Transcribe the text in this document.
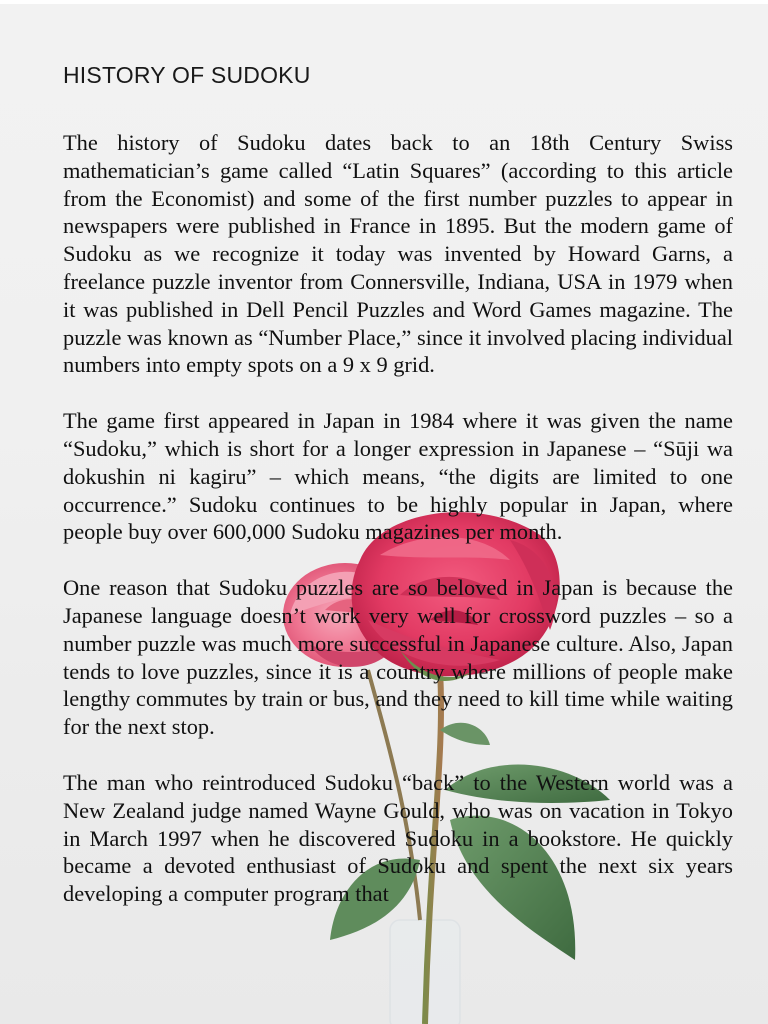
HISTORY OF SUDOKU

The history of Sudoku dates back to an 18th Century Swiss mathematician’s game called “Latin Squares” (according to this article from the Economist) and some of the first number puzzles to appear in newspapers were published in France in 1895. But the modern game of Sudoku as we recognize it today was invented by Howard Garns, a freelance puzzle inventor from Connersville, Indiana, USA in 1979 when it was published in Dell Pencil Puzzles and Word Games magazine. The puzzle was known as “Number Place,” since it involved placing individual numbers into empty spots on a 9 x 9 grid.

The game first appeared in Japan in 1984 where it was given the name “Sudoku,” which is short for a longer expression in Japanese – “Sūji wa dokushin ni kagiru” – which means, “the digits are limited to one occurrence.” Sudoku continues to be highly popular in Japan, where people buy over 600,000 Sudoku magazines per month.

One reason that Sudoku puzzles are so beloved in Japan is because the Japanese language doesn’t work very well for crossword puzzles – so a number puzzle was much more successful in Japanese culture. Also, Japan tends to love puzzles, since it is a country where millions of people make lengthy commutes by train or bus, and they need to kill time while waiting for the next stop.

The man who reintroduced Sudoku “back” to the Western world was a New Zealand judge named Wayne Gould, who was on vacation in Tokyo in March 1997 when he discovered Sudoku in a bookstore. He quickly became a devoted enthusiast of Sudoku and spent the next six years developing a computer program that
